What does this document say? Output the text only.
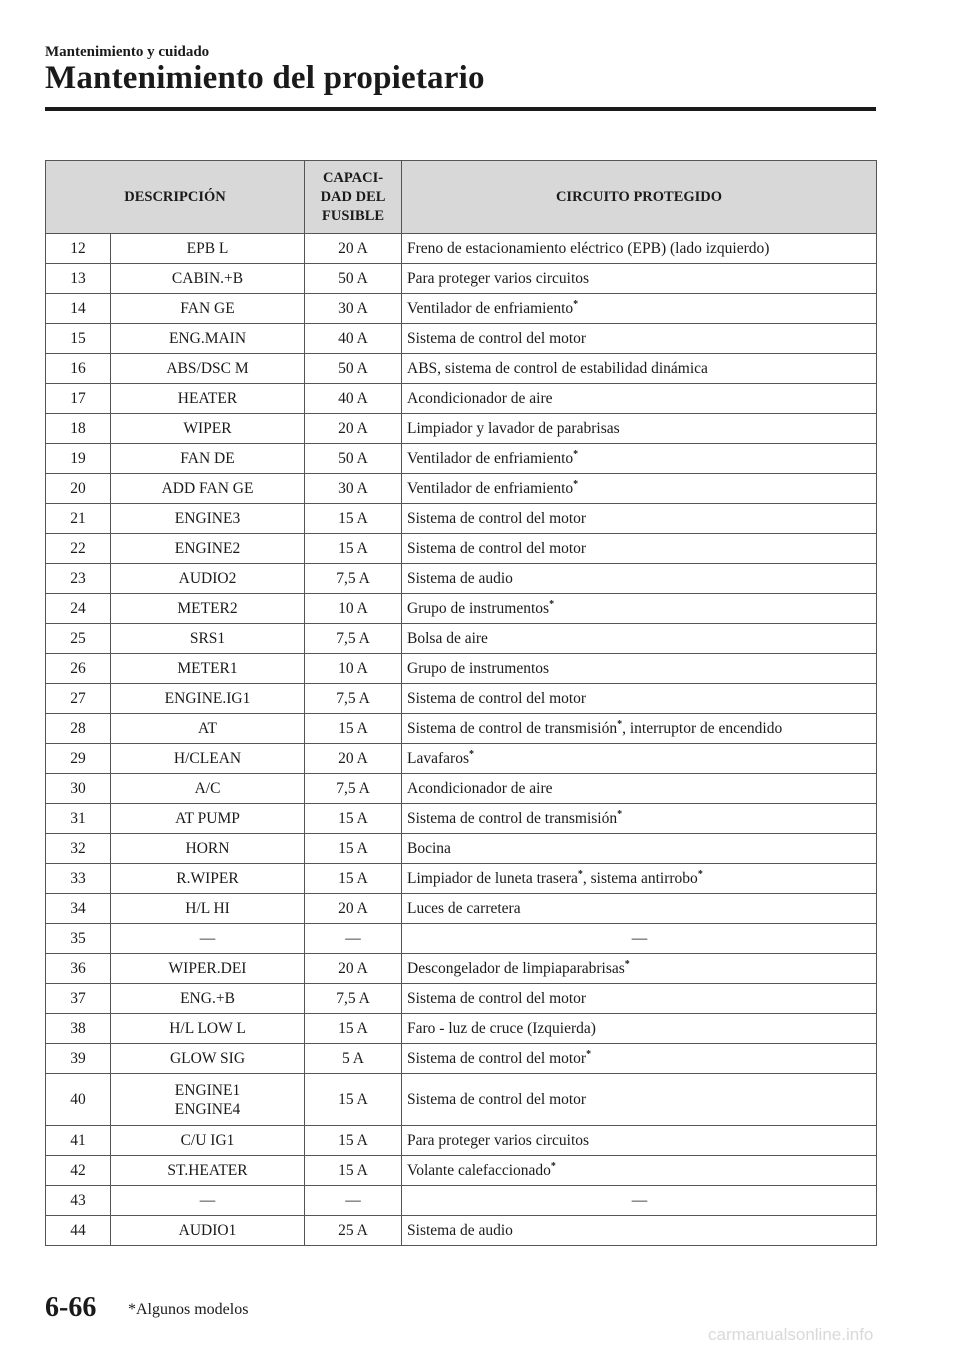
Mantenimiento y cuidado
Mantenimiento del propietario
DESCRIPCIÓN		CAPACI-
DAD DEL
FUSIBLE	CIRCUITO PROTEGIDO
12	EPB L	20 A	Freno de estacionamiento eléctrico (EPB) (lado izquierdo)
13	CABIN.+B	50 A	Para proteger varios circuitos
14	FAN GE	30 A	Ventilador de enfriamiento*
15	ENG.MAIN	40 A	Sistema de control del motor
16	ABS/DSC M	50 A	ABS, sistema de control de estabilidad dinámica
17	HEATER	40 A	Acondicionador de aire
18	WIPER	20 A	Limpiador y lavador de parabrisas
19	FAN DE	50 A	Ventilador de enfriamiento*
20	ADD FAN GE	30 A	Ventilador de enfriamiento*
21	ENGINE3	15 A	Sistema de control del motor
22	ENGINE2	15 A	Sistema de control del motor
23	AUDIO2	7,5 A	Sistema de audio
24	METER2	10 A	Grupo de instrumentos*
25	SRS1	7,5 A	Bolsa de aire
26	METER1	10 A	Grupo de instrumentos
27	ENGINE.IG1	7,5 A	Sistema de control del motor
28	AT	15 A	Sistema de control de transmisión*, interruptor de encendido
29	H/CLEAN	20 A	Lavafaros*
30	A/C	7,5 A	Acondicionador de aire
31	AT PUMP	15 A	Sistema de control de transmisión*
32	HORN	15 A	Bocina
33	R.WIPER	15 A	Limpiador de luneta trasera*, sistema antirrobo*
34	H/L HI	20 A	Luces de carretera
35	—	—	—
36	WIPER.DEI	20 A	Descongelador de limpiaparabrisas*
37	ENG.+B	7,5 A	Sistema de control del motor
38	H/L LOW L	15 A	Faro - luz de cruce (Izquierda)
39	GLOW SIG	5 A	Sistema de control del motor*
40	ENGINE1
ENGINE4	15 A	Sistema de control del motor
41	C/U IG1	15 A	Para proteger varios circuitos
42	ST.HEATER	15 A	Volante calefaccionado*
43	—	—	—
44	AUDIO1	25 A	Sistema de audio
6-66 *Algunos modelos
carmanualsonline.info
